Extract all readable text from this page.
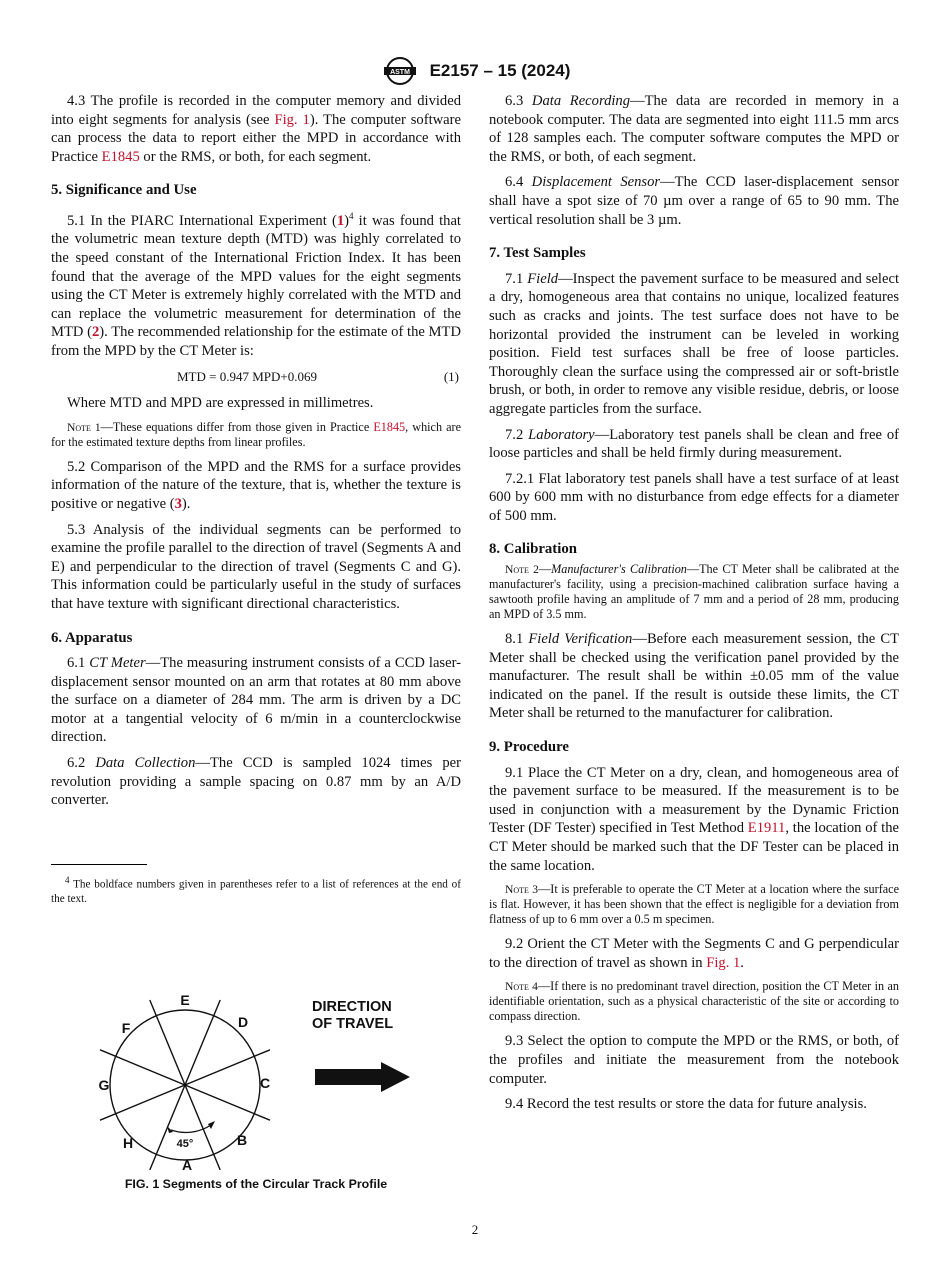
ASTM E2157 – 15 (2024)

4.3 The profile is recorded in the computer memory and divided into eight segments for analysis (see Fig. 1). The computer software can process the data to report either the MPD in accordance with Practice E1845 or the RMS, or both, for each segment.

5. Significance and Use

5.1 In the PIARC International Experiment $(1)^4$ it was found that the volumetric mean texture depth (MTD) was highly correlated to the speed constant of the International Friction Index. It has been found that the average of the MPD values for the eight segments using the CT Meter is extremely highly correlated with the MTD and can replace the volumetric measurement for determination of the MTD (2). The recommended relationship for the estimate of the MTD from the MPD by the CT Meter is:

MTD = 0.947 MPD+0.069	(1)

Where MTD and MPD are expressed in millimetres.

Note 1—These equations differ from those given in Practice E1845, which are for the estimated texture depths from linear profiles.

5.2 Comparison of the MPD and the RMS for a surface provides information of the nature of the texture, that is, whether the texture is positive or negative (3).

5.3 Analysis of the individual segments can be performed to examine the profile parallel to the direction of travel (Segments A and E) and perpendicular to the direction of travel (Segments C and G). This information could be particularly useful in the study of surfaces that have texture with significant directional characteristics.

6. Apparatus

6.1 CT Meter—The measuring instrument consists of a CCD laser-displacement sensor mounted on an arm that rotates at 80 mm above the surface on a diameter of 284 mm. The arm is driven by a DC motor at a tangential velocity of 6 m/min in a counterclockwise direction.

6.2 Data Collection—The CCD is sampled 1024 times per revolution providing a sample spacing on 0.87 mm by an A/D converter.

$^4$ The boldface numbers given in parentheses refer to a list of references at the end of the text.

E
D
C
B
A
H
G
F
45°
DIRECTION
OF TRAVEL
FIG. 1 Segments of the Circular Track Profile

6.3 Data Recording—The data are recorded in memory in a notebook computer. The data are segmented into eight 111.5 mm arcs of 128 samples each. The computer software computes the MPD or the RMS, or both, of each segment.

6.4 Displacement Sensor—The CCD laser-displacement sensor shall have a spot size of 70 µm over a range of 65 to 90 mm. The vertical resolution shall be 3 µm.

7. Test Samples

7.1 Field—Inspect the pavement surface to be measured and select a dry, homogeneous area that contains no unique, localized features such as cracks and joints. The test surface does not have to be horizontal provided the instrument can be leveled in working position. Field test surfaces shall be free of loose particles. Thoroughly clean the surface using the compressed air or soft-bristle brush, or both, in order to remove any visible residue, debris, or loose aggregate particles from the surface.

7.2 Laboratory—Laboratory test panels shall be clean and free of loose particles and shall be held firmly during measurement.

7.2.1 Flat laboratory test panels shall have a test surface of at least 600 by 600 mm with no disturbance from edge effects for a diameter of 500 mm.

8. Calibration

Note 2—Manufacturer's Calibration—The CT Meter shall be calibrated at the manufacturer's facility, using a precision-machined calibration surface having a sawtooth profile having an amplitude of 7 mm and a period of 28 mm, producing an MPD of 3.5 mm.

8.1 Field Verification—Before each measurement session, the CT Meter shall be checked using the verification panel provided by the manufacturer. The result shall be within ±0.05 mm of the value indicated on the panel. If the result is outside these limits, the CT Meter shall be returned to the manufacturer for calibration.

9. Procedure

9.1 Place the CT Meter on a dry, clean, and homogeneous area of the pavement surface to be measured. If the measurement is to be used in conjunction with a measurement by the Dynamic Friction Tester (DF Tester) specified in Test Method E1911, the location of the CT Meter should be marked such that the DF Tester can be placed in the same location.

Note 3—It is preferable to operate the CT Meter at a location where the surface is flat. However, it has been shown that the effect is negligible for a deviation from flatness of up to 6 mm over a 0.5 m specimen.

9.2 Orient the CT Meter with the Segments C and G perpendicular to the direction of travel as shown in Fig. 1.

Note 4—If there is no predominant travel direction, position the CT Meter in an identifiable orientation, such as a physical characteristic of the site or according to compass direction.

9.3 Select the option to compute the MPD or the RMS, or both, of the profiles and initiate the measurement from the notebook computer.

9.4 Record the test results or store the data for future analysis.

2
